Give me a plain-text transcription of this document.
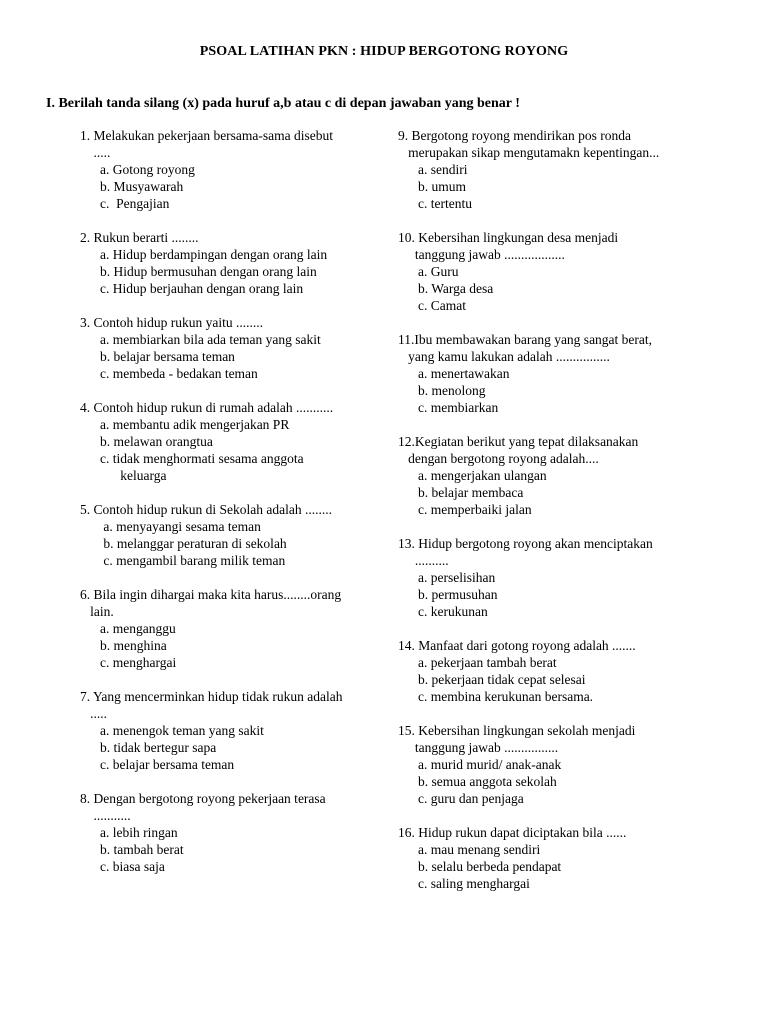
PSOAL LATIHAN PKN : HIDUP BERGOTONG ROYONG
I. Berilah tanda silang (x) pada huruf a,b atau c di depan jawaban yang benar !
1. Melakukan pekerjaan bersama-sama disebut
.....
a. Gotong royong
b. Musyawarah
c.  Pengajian
2. Rukun berarti ........
a. Hidup berdampingan dengan orang lain
b. Hidup bermusuhan dengan orang lain
c. Hidup berjauhan dengan orang lain
3. Contoh hidup rukun yaitu ........
a. membiarkan bila ada teman yang sakit
b. belajar bersama teman
c. membeda - bedakan teman
4. Contoh hidup rukun di rumah adalah ...........
a. membantu adik mengerjakan PR
b. melawan orangtua
c. tidak menghormati sesama anggota
keluarga
5. Contoh hidup rukun di Sekolah adalah ........
a. menyayangi sesama teman
b. melanggar peraturan di sekolah
c. mengambil barang milik teman
6. Bila ingin dihargai maka kita harus........orang
lain.
a. menganggu
b. menghina
c. menghargai
7. Yang mencerminkan hidup tidak rukun adalah
.....
a. menengok teman yang sakit
b. tidak bertegur sapa
c. belajar bersama teman
8. Dengan bergotong royong pekerjaan terasa
...........
a. lebih ringan
b. tambah berat
c. biasa saja
9. Bergotong royong mendirikan pos ronda
merupakan sikap mengutamakn kepentingan...
a. sendiri
b. umum
c. tertentu
10. Kebersihan lingkungan desa menjadi
tanggung jawab ..................
a. Guru
b. Warga desa
c. Camat
11.Ibu membawakan barang yang sangat berat,
yang kamu lakukan adalah ................
a. menertawakan
b. menolong
c. membiarkan
12.Kegiatan berikut yang tepat dilaksanakan
dengan bergotong royong adalah....
a. mengerjakan ulangan
b. belajar membaca
c. memperbaiki jalan
13. Hidup bergotong royong akan menciptakan
..........
a. perselisihan
b. permusuhan
c. kerukunan
14. Manfaat dari gotong royong adalah .......
a. pekerjaan tambah berat
b. pekerjaan tidak cepat selesai
c. membina kerukunan bersama.
15. Kebersihan lingkungan sekolah menjadi
tanggung jawab ................
a. murid murid/ anak-anak
b. semua anggota sekolah
c. guru dan penjaga
16. Hidup rukun dapat diciptakan bila ......
a. mau menang sendiri
b. selalu berbeda pendapat
c. saling menghargai
